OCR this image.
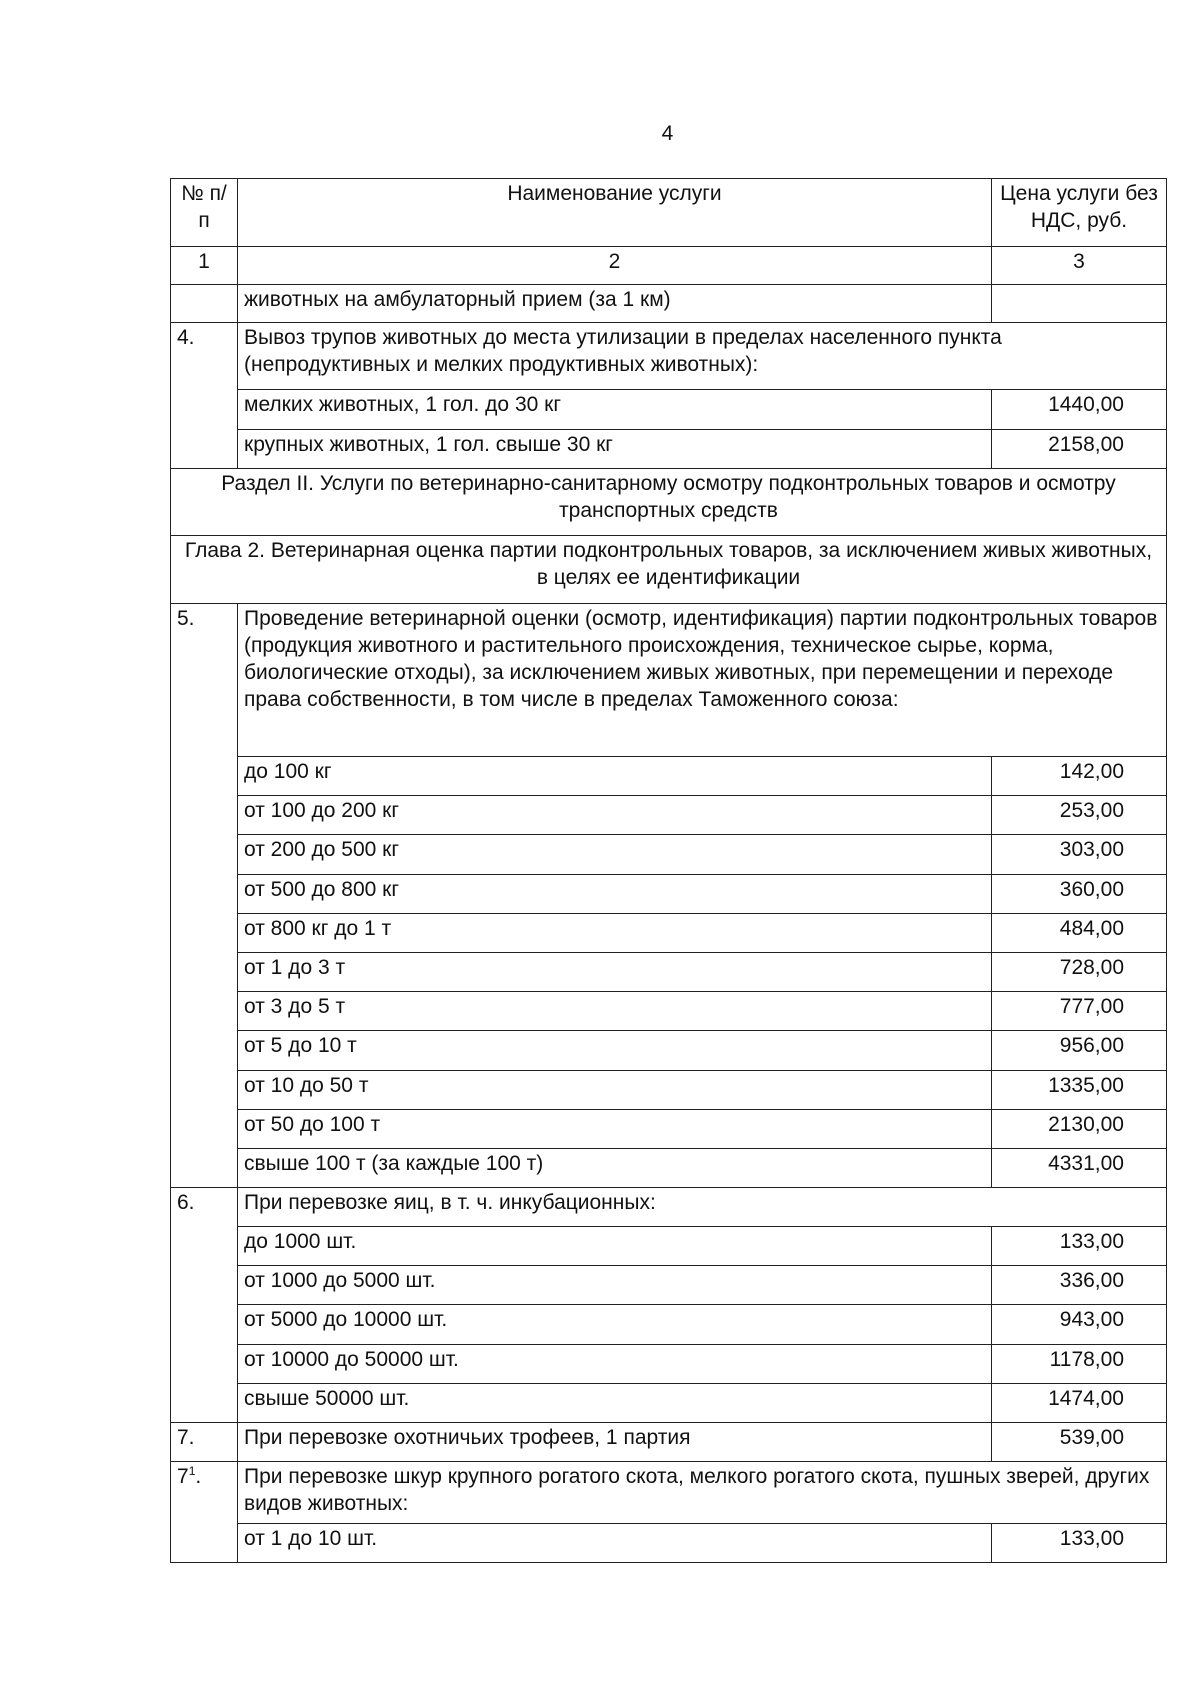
4
№ п/п	Наименование услуги	Цена услуги без НДС, руб.
1	2	3
	животных на амбулаторный прием (за 1 км)	
4.	Вывоз трупов животных до места утилизации в пределах населенного пункта (непродуктивных и мелких продуктивных животных):	
	мелких животных, 1 гол. до 30 кг	1440,00
	крупных животных, 1 гол. свыше 30 кг	2158,00
Раздел II. Услуги по ветеринарно-санитарному осмотру подконтрольных товаров и осмотру транспортных средств		
Глава 2. Ветеринарная оценка партии подконтрольных товаров, за исключением живых животных, в целях ее идентификации		
5.	Проведение ветеринарной оценки (осмотр, идентификация) партии подконтрольных товаров (продукция животного и растительного происхождения, техническое сырье, корма, биологические отходы), за исключением живых животных, при перемещении и переходе права собственности, в том числе в пределах Таможенного союза:	
	до 100 кг	142,00
	от 100 до 200 кг	253,00
	от 200 до 500 кг	303,00
	от 500 до 800 кг	360,00
	от 800 кг до 1 т	484,00
	от 1 до 3 т	728,00
	от 3 до 5 т	777,00
	от 5 до 10 т	956,00
	от 10 до 50 т	1335,00
	от 50 до 100 т	2130,00
	свыше 100 т (за каждые 100 т)	4331,00
6.	При перевозке яиц, в т. ч. инкубационных:	
	до 1000 шт.	133,00
	от 1000 до 5000 шт.	336,00
	от 5000 до 10000 шт.	943,00
	от 10000 до 50000 шт.	1178,00
	свыше 50000 шт.	1474,00
7.	При перевозке охотничьих трофеев, 1 партия	539,00
$7^1$.	При перевозке шкур крупного рогатого скота, мелкого рогатого скота, пушных зверей, других видов животных:	
	от 1 до 10 шт.	133,00
